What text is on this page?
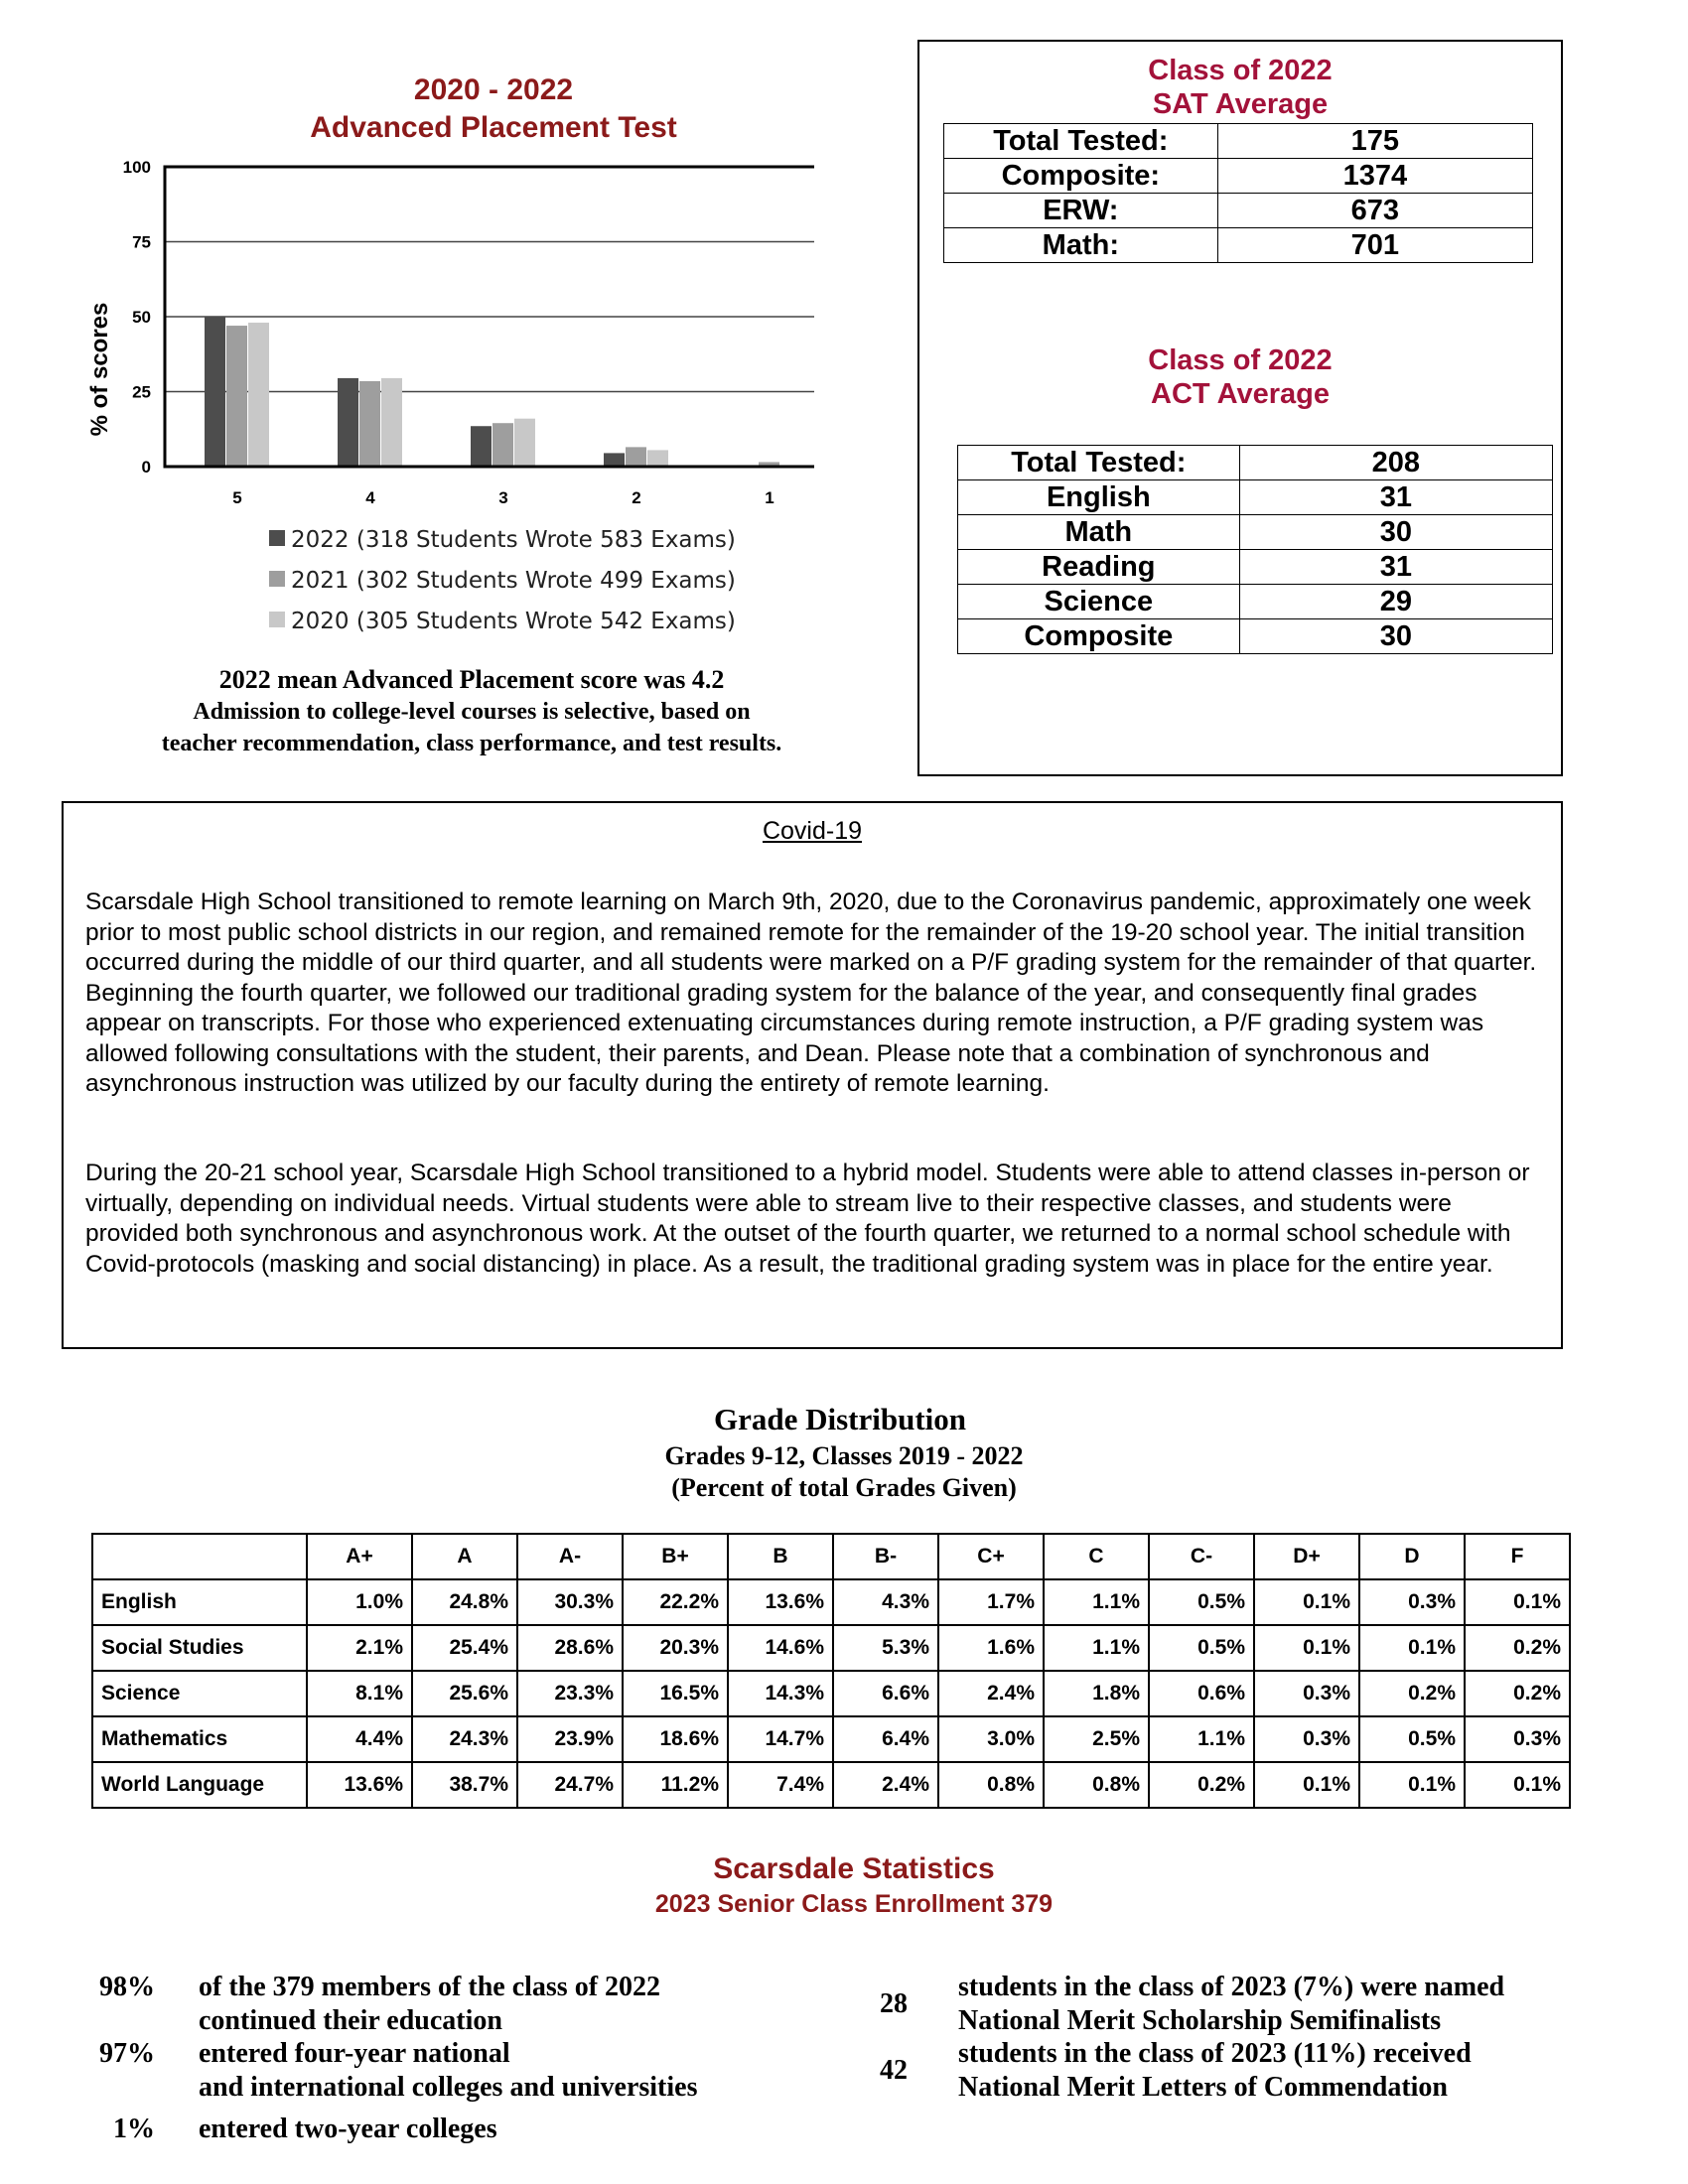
2020 - 2022
Advanced Placement Test
% of scores
0
25
50
75
100
5	4	3	2	1
2022 (318 Students Wrote 583 Exams)
2021 (302 Students Wrote 499 Exams)
2020 (305 Students Wrote 542 Exams)
2022 mean Advanced Placement score was 4.2
Admission to college-level courses is selective, based on
teacher recommendation, class performance, and test results.
Class of 2022
SAT Average
Total Tested:	175
Composite:	1374
ERW:	673
Math:	701
Class of 2022
ACT Average
Total Tested:	208
English	31
Math	30
Reading	31
Science	29
Composite	30
Covid-19

Scarsdale High School transitioned to remote learning on March 9th, 2020, due to the Coronavirus pandemic, approximately one week prior to most public school districts in our region, and remained remote for the remainder of the 19-20 school year. The initial transition occurred during the middle of our third quarter, and all students were marked on a P/F grading system for the remainder of that quarter. Beginning the fourth quarter, we followed our traditional grading system for the balance of the year, and consequently final grades appear on transcripts. For those who experienced extenuating circumstances during remote instruction, a P/F grading system was allowed following consultations with the student, their parents, and Dean. Please note that a combination of synchronous and asynchronous instruction was utilized by our faculty during the entirety of remote learning.

During the 20-21 school year, Scarsdale High School transitioned to a hybrid model. Students were able to attend classes in-person or virtually, depending on individual needs. Virtual students were able to stream live to their respective classes, and students were provided both synchronous and asynchronous work. At the outset of the fourth quarter, we returned to a normal school schedule with Covid-protocols (masking and social distancing) in place. As a result, the traditional grading system was in place for the entire year.

Grade Distribution
Grades 9-12, Classes 2019 - 2022
(Percent of total Grades Given)
	A+	A	A-	B+	B	B-	C+	C	C-	D+	D	F
English	1.0%	24.8%	30.3%	22.2%	13.6%	4.3%	1.7%	1.1%	0.5%	0.1%	0.3%	0.1%
Social Studies	2.1%	25.4%	28.6%	20.3%	14.6%	5.3%	1.6%	1.1%	0.5%	0.1%	0.1%	0.2%
Science	8.1%	25.6%	23.3%	16.5%	14.3%	6.6%	2.4%	1.8%	0.6%	0.3%	0.2%	0.2%
Mathematics	4.4%	24.3%	23.9%	18.6%	14.7%	6.4%	3.0%	2.5%	1.1%	0.3%	0.5%	0.3%
World Language	13.6%	38.7%	24.7%	11.2%	7.4%	2.4%	0.8%	0.8%	0.2%	0.1%	0.1%	0.1%
Scarsdale Statistics
2023 Senior Class Enrollment 379
98% of the 379 members of the class of 2022
continued their education
97% entered four-year national
and international colleges and universities
1% entered two-year colleges
28
students in the class of 2023 (7%) were named
National Merit Scholarship Semifinalists
42
students in the class of 2023 (11%) received
National Merit Letters of Commendation
